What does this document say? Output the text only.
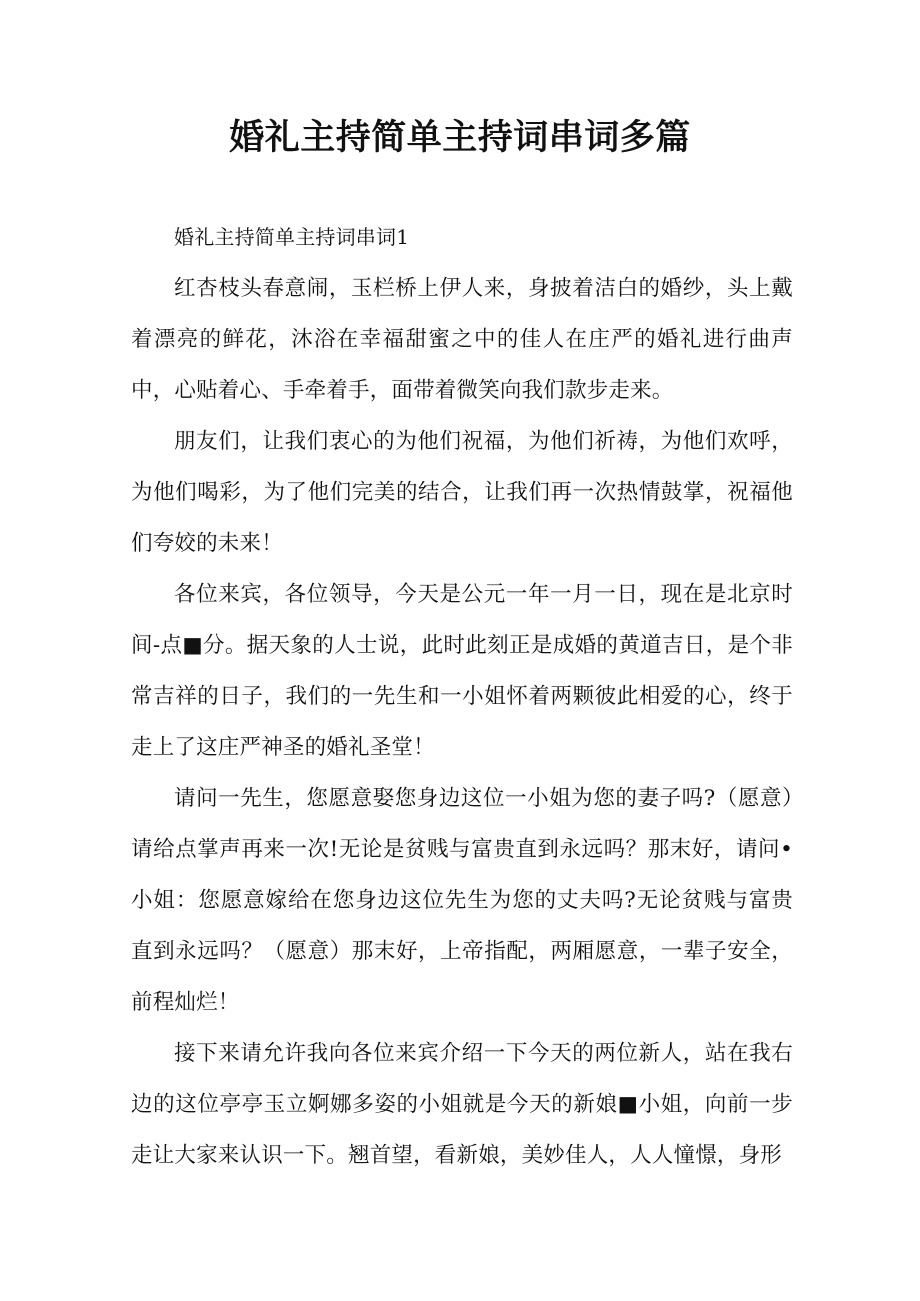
婚礼主持简单主持词串词多篇

婚礼主持简单主持词串词1

红杏枝头春意闹，玉栏桥上伊人来，身披着洁白的婚纱，头上戴着漂亮的鲜花，沐浴在幸福甜蜜之中的佳人在庄严的婚礼进行曲声中，心贴着心、手牵着手，面带着微笑向我们款步走来。

朋友们，让我们衷心的为他们祝福，为他们祈祷，为他们欢呼，为他们喝彩，为了他们完美的结合，让我们再一次热情鼓掌，祝福他们夸姣的未来！

各位来宾，各位领导，今天是公元一年一月一日，现在是北京时间-点■分。据天象的人士说，此时此刻正是成婚的黄道吉日，是个非常吉祥的日子，我们的一先生和一小姐怀着两颗彼此相爱的心，终于走上了这庄严神圣的婚礼圣堂！

请问一先生，您愿意娶您身边这位一小姐为您的妻子吗?（愿意）请给点掌声再来一次!无论是贫贱与富贵直到永远吗？那末好，请问•小姐：您愿意嫁给在您身边这位先生为您的丈夫吗?无论贫贱与富贵直到永远吗？（愿意）那末好，上帝指配，两厢愿意，一辈子安全，前程灿烂！

接下来请允许我向各位来宾介绍一下今天的两位新人，站在我右边的这位亭亭玉立婀娜多姿的小姐就是今天的新娘■小姐，向前一步走让大家来认识一下。翘首望，看新娘，美妙佳人，人人憧憬，身形
